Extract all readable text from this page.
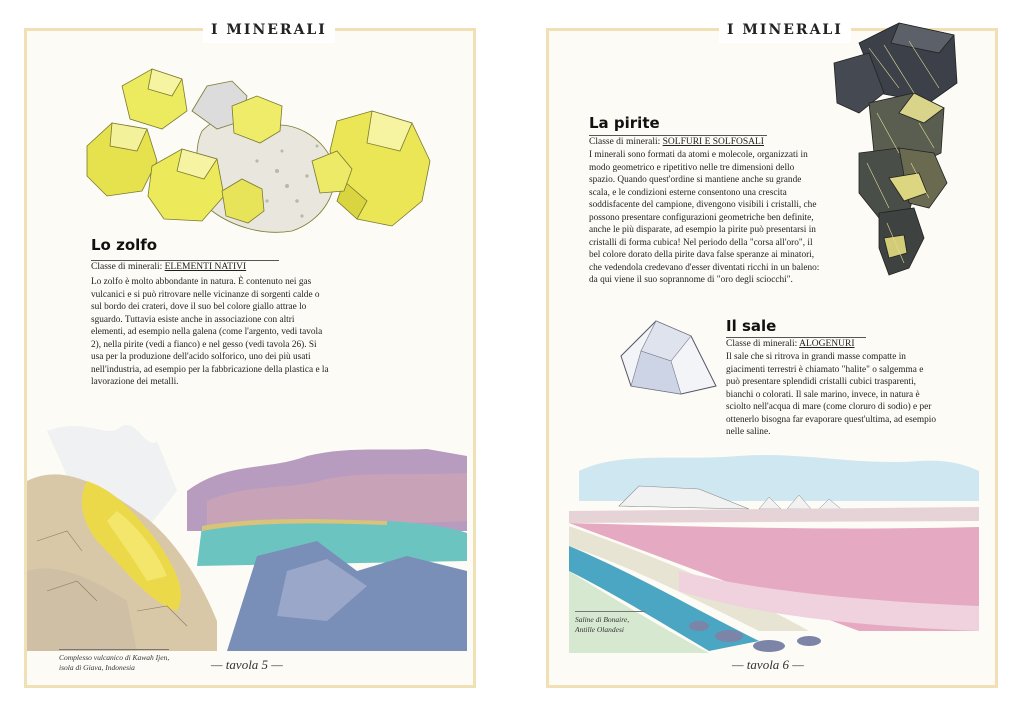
I MINERALI
Lo zolfo
Classe di minerali: ELEMENTI NATIVI

Lo zolfo è molto abbondante in natura. È contenuto nei gas vulcanici e si può ritrovare nelle vicinanze di sorgenti calde o sul bordo dei crateri, dove il suo bel colore giallo attrae lo sguardo. Tuttavia esiste anche in associazione con altri elementi, ad esempio nella galena (come l'argento, vedi tavola 2), nella pirite (vedi a fianco) e nel gesso (vedi tavola 26). Si usa per la produzione dell'acido solforico, uno dei più usati nell'industria, ad esempio per la fabbricazione della plastica e la lavorazione dei metalli.

Complesso vulcanico di Kawah Ijen,
isola di Giava, Indonesia	— tavola 5 —
I MINERALI
La pirite
Classe di minerali: SOLFURI E SOLFOSALI

I minerali sono formati da atomi e molecole, organizzati in modo geometrico e ripetitivo nelle tre dimensioni dello spazio. Quando quest'ordine si mantiene anche su grande scala, e le condizioni esterne consentono una crescita soddisfacente del campione, divengono visibili i cristalli, che possono presentare configurazioni geometriche ben definite, anche le più disparate, ad esempio la pirite può presentarsi in cristalli di forma cubica! Nel periodo della "corsa all'oro", il bel colore dorato della pirite dava false speranze ai minatori, che vedendola credevano d'esser diventati ricchi in un baleno: da qui viene il suo soprannome di "oro degli sciocchi".

Il sale
Classe di minerali: ALOGENURI

Il sale che si ritrova in grandi masse compatte in giacimenti terrestri è chiamato "halite" o salgemma e può presentare splendidi cristalli cubici trasparenti, bianchi o colorati. Il sale marino, invece, in natura è sciolto nell'acqua di mare (come cloruro di sodio) e per ottenerlo bisogna far evaporare quest'ultima, ad esempio nelle saline.

Saline di Bonaire,
Antille Olandesi
— tavola 6 —
